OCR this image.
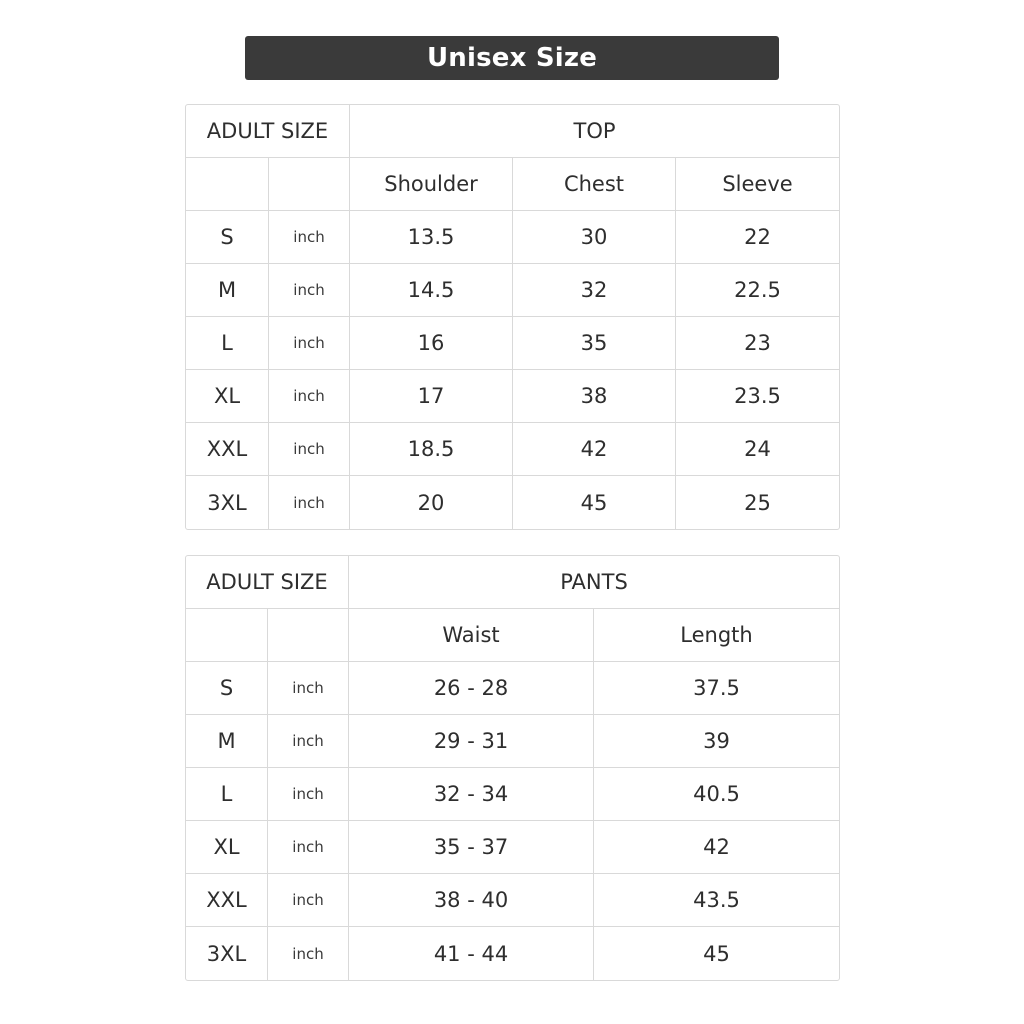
Unisex Size
ADULT SIZE		TOP		
		Shoulder	Chest	Sleeve
S	inch	13.5	30	22
M	inch	14.5	32	22.5
L	inch	16	35	23
XL	inch	17	38	23.5
XXL	inch	18.5	42	24
3XL	inch	20	45	25
ADULT SIZE		PANTS	
		Waist	Length
S	inch	26 - 28	37.5
M	inch	29 - 31	39
L	inch	32 - 34	40.5
XL	inch	35 - 37	42
XXL	inch	38 - 40	43.5
3XL	inch	41 - 44	45
